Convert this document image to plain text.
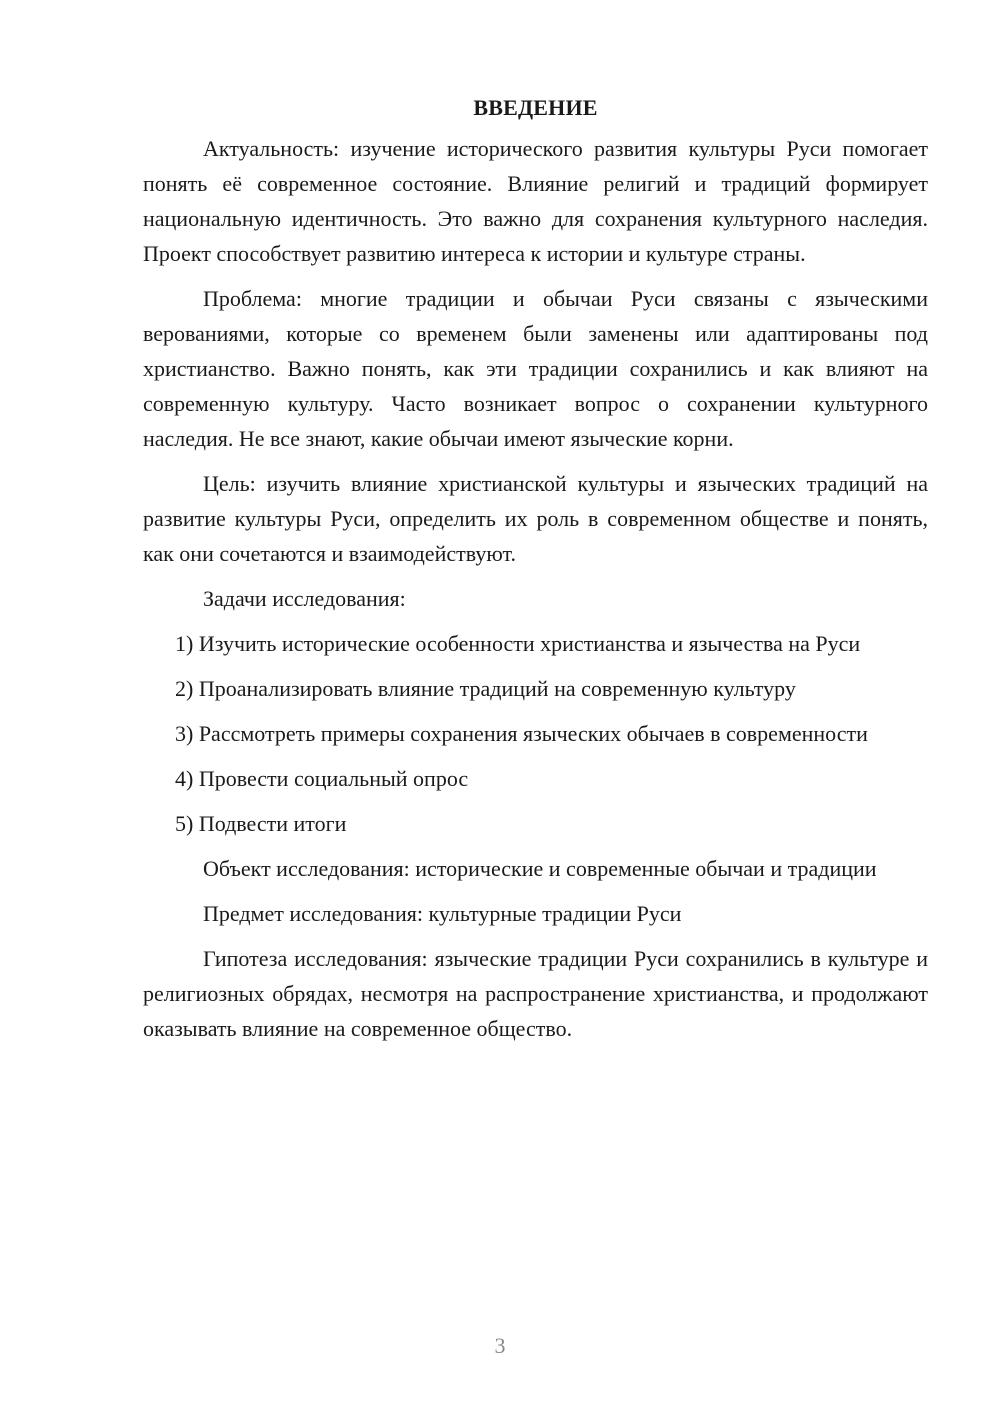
ВВЕДЕНИЕ

Актуальность: изучение исторического развития культуры Руси помогает понять её современное состояние. Влияние религий и традиций формирует национальную идентичность. Это важно для сохранения культурного наследия. Проект способствует развитию интереса к истории и культуре страны.

Проблема: многие традиции и обычаи Руси связаны с языческими верованиями, которые со временем были заменены или адаптированы под христианство. Важно понять, как эти традиции сохранились и как влияют на современную культуру. Часто возникает вопрос о сохранении культурного наследия. Не все знают, какие обычаи имеют языческие корни.

Цель: изучить влияние христианской культуры и языческих традиций на развитие культуры Руси, определить их роль в современном обществе и понять, как они сочетаются и взаимодействуют.

Задачи исследования:

1) Изучить исторические особенности христианства и язычества на Руси

2) Проанализировать влияние традиций на современную культуру

3) Рассмотреть примеры сохранения языческих обычаев в современности

4) Провести социальный опрос

5) Подвести итоги

Объект исследования: исторические и современные обычаи и традиции

Предмет исследования: культурные традиции Руси

Гипотеза исследования: языческие традиции Руси сохранились в культуре и религиозных обрядах, несмотря на распространение христианства, и продолжают оказывать влияние на современное общество.

3
